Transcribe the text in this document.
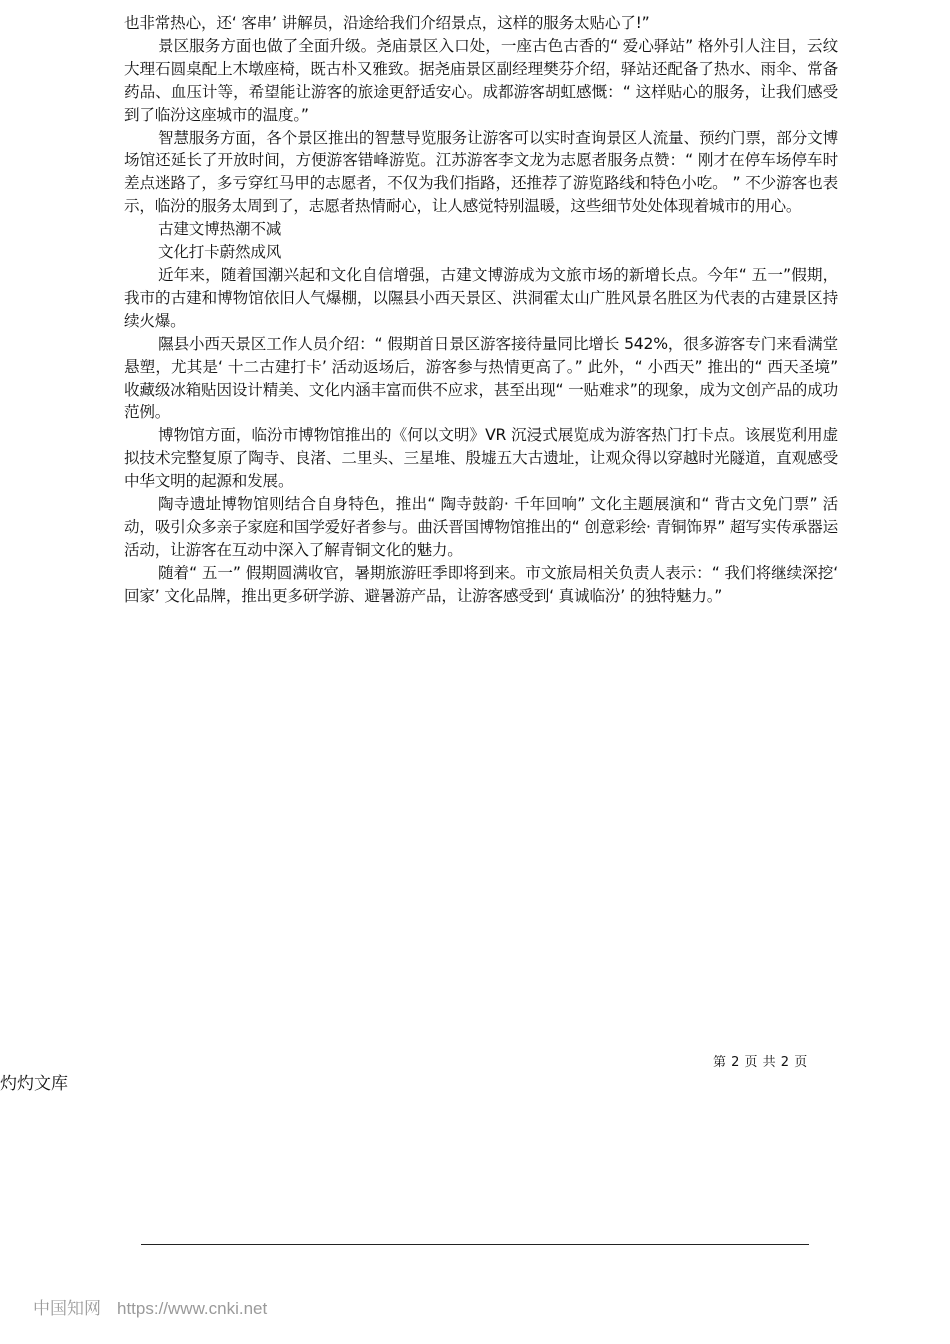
也非常热心，还‘ 客串’ 讲解员，沿途给我们介绍景点，这样的服务太贴心了!”

景区服务方面也做了全面升级。尧庙景区入口处，一座古色古香的“ 爱心驿站” 格外引人注目，云纹大理石圆桌配上木墩座椅，既古朴又雅致。据尧庙景区副经理樊芬介绍，驿站还配备了热水、雨伞、常备药品、血压计等，希望能让游客的旅途更舒适安心。成都游客胡虹感慨：“ 这样贴心的服务，让我们感受到了临汾这座城市的温度。”

智慧服务方面，各个景区推出的智慧导览服务让游客可以实时查询景区人流量、预约门票，部分文博场馆还延长了开放时间，方便游客错峰游览。江苏游客李文龙为志愿者服务点赞：“ 刚才在停车场停车时差点迷路了，多亏穿红马甲的志愿者，不仅为我们指路，还推荐了游览路线和特色小吃。 ” 不少游客也表示，临汾的服务太周到了，志愿者热情耐心，让人感觉特别温暖，这些细节处处体现着城市的用心。

古建文博热潮不减

文化打卡蔚然成风

近年来，随着国潮兴起和文化自信增强，古建文博游成为文旅市场的新增长点。今年“ 五一”假期，我市的古建和博物馆依旧人气爆棚，以隰县小西天景区、洪洞霍太山广胜风景名胜区为代表的古建景区持续火爆。

隰县小西天景区工作人员介绍：“ 假期首日景区游客接待量同比增长 542%，很多游客专门来看满堂悬塑，尤其是‘ 十二古建打卡’ 活动返场后，游客参与热情更高了。” 此外，“ 小西天” 推出的“ 西天圣境” 收藏级冰箱贴因设计精美、文化内涵丰富而供不应求，甚至出现“ 一贴难求”的现象，成为文创产品的成功范例。

博物馆方面，临汾市博物馆推出的《何以文明》VR 沉浸式展览成为游客热门打卡点。该展览利用虚拟技术完整复原了陶寺、良渚、二里头、三星堆、殷墟五大古遗址，让观众得以穿越时光隧道，直观感受中华文明的起源和发展。

陶寺遗址博物馆则结合自身特色，推出“ 陶寺鼓韵· 千年回响” 文化主题展演和“ 背古文免门票” 活动，吸引众多亲子家庭和国学爱好者参与。曲沃晋国博物馆推出的“ 创意彩绘· 青铜饰界” 超写实传承器运活动，让游客在互动中深入了解青铜文化的魅力。

随着“ 五一” 假期圆满收官，暑期旅游旺季即将到来。市文旅局相关负责人表示：“ 我们将继续深挖‘ 回家’ 文化品牌，推出更多研学游、避暑游产品，让游客感受到‘ 真诚临汾’ 的独特魅力。”

第 2 页 共 2 页
灼灼文库
中国知网 https://www.cnki.net
